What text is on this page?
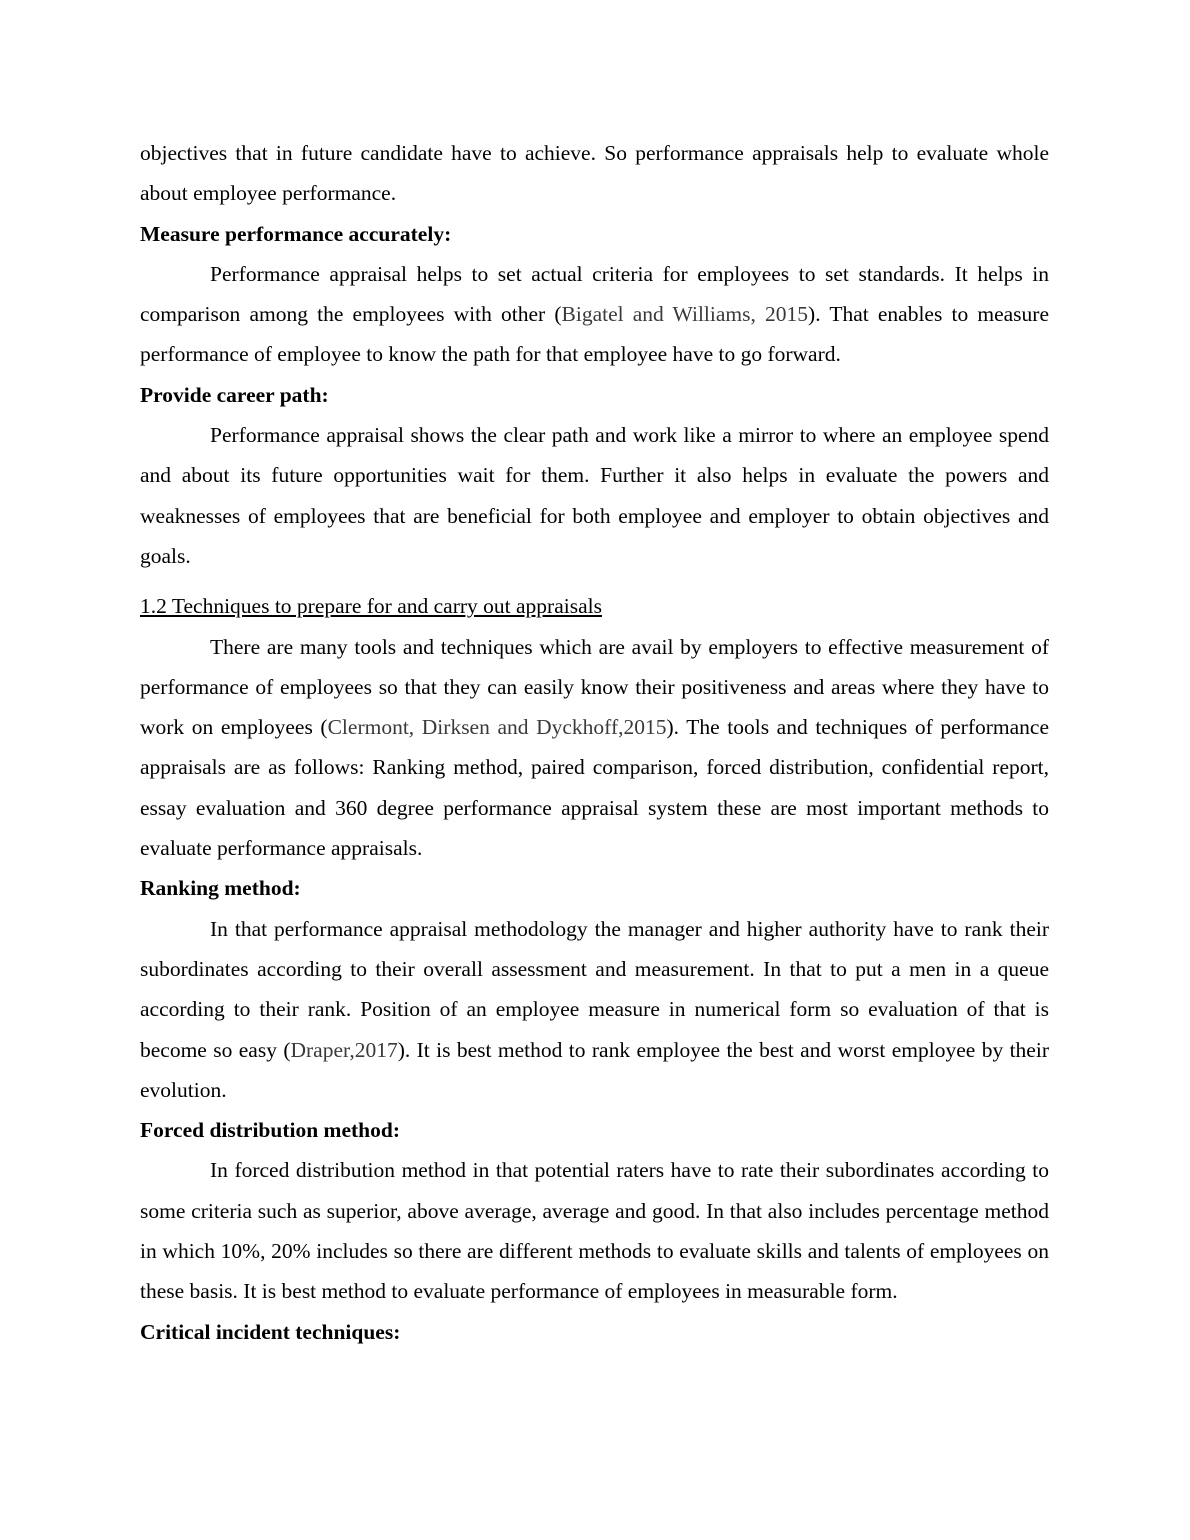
objectives that in future candidate have to achieve. So performance appraisals help to evaluate whole about employee performance.

Measure performance accurately:

Performance appraisal helps to set actual criteria for employees to set standards. It helps in comparison among the employees with other (Bigatel and Williams, 2015). That enables to measure performance of employee to know the path for that employee have to go forward.

Provide career path:

Performance appraisal shows the clear path and work like a mirror to where an employee spend and about its future opportunities wait for them. Further it also helps in evaluate the powers and weaknesses of employees that are beneficial for both employee and employer to obtain objectives and goals.

1.2 Techniques to prepare for and carry out appraisals

There are many tools and techniques which are avail by employers to effective measurement of performance of employees so that they can easily know their positiveness and areas where they have to work on employees (Clermont, Dirksen and Dyckhoff,2015). The tools and techniques of performance appraisals are as follows: Ranking method, paired comparison, forced distribution, confidential report, essay evaluation and 360 degree performance appraisal system these are most important methods to evaluate performance appraisals.

Ranking method:

In that performance appraisal methodology the manager and higher authority have to rank their subordinates according to their overall assessment and measurement. In that to put a men in a queue according to their rank. Position of an employee measure in numerical form so evaluation of that is become so easy (Draper,2017). It is best method to rank employee the best and worst employee by their evolution.

Forced distribution method:

In forced distribution method in that potential raters have to rate their subordinates according to some criteria such as superior, above average, average and good. In that also includes percentage method in which 10%, 20% includes so there are different methods to evaluate skills and talents of employees on these basis. It is best method to evaluate performance of employees in measurable form.

Critical incident techniques:
